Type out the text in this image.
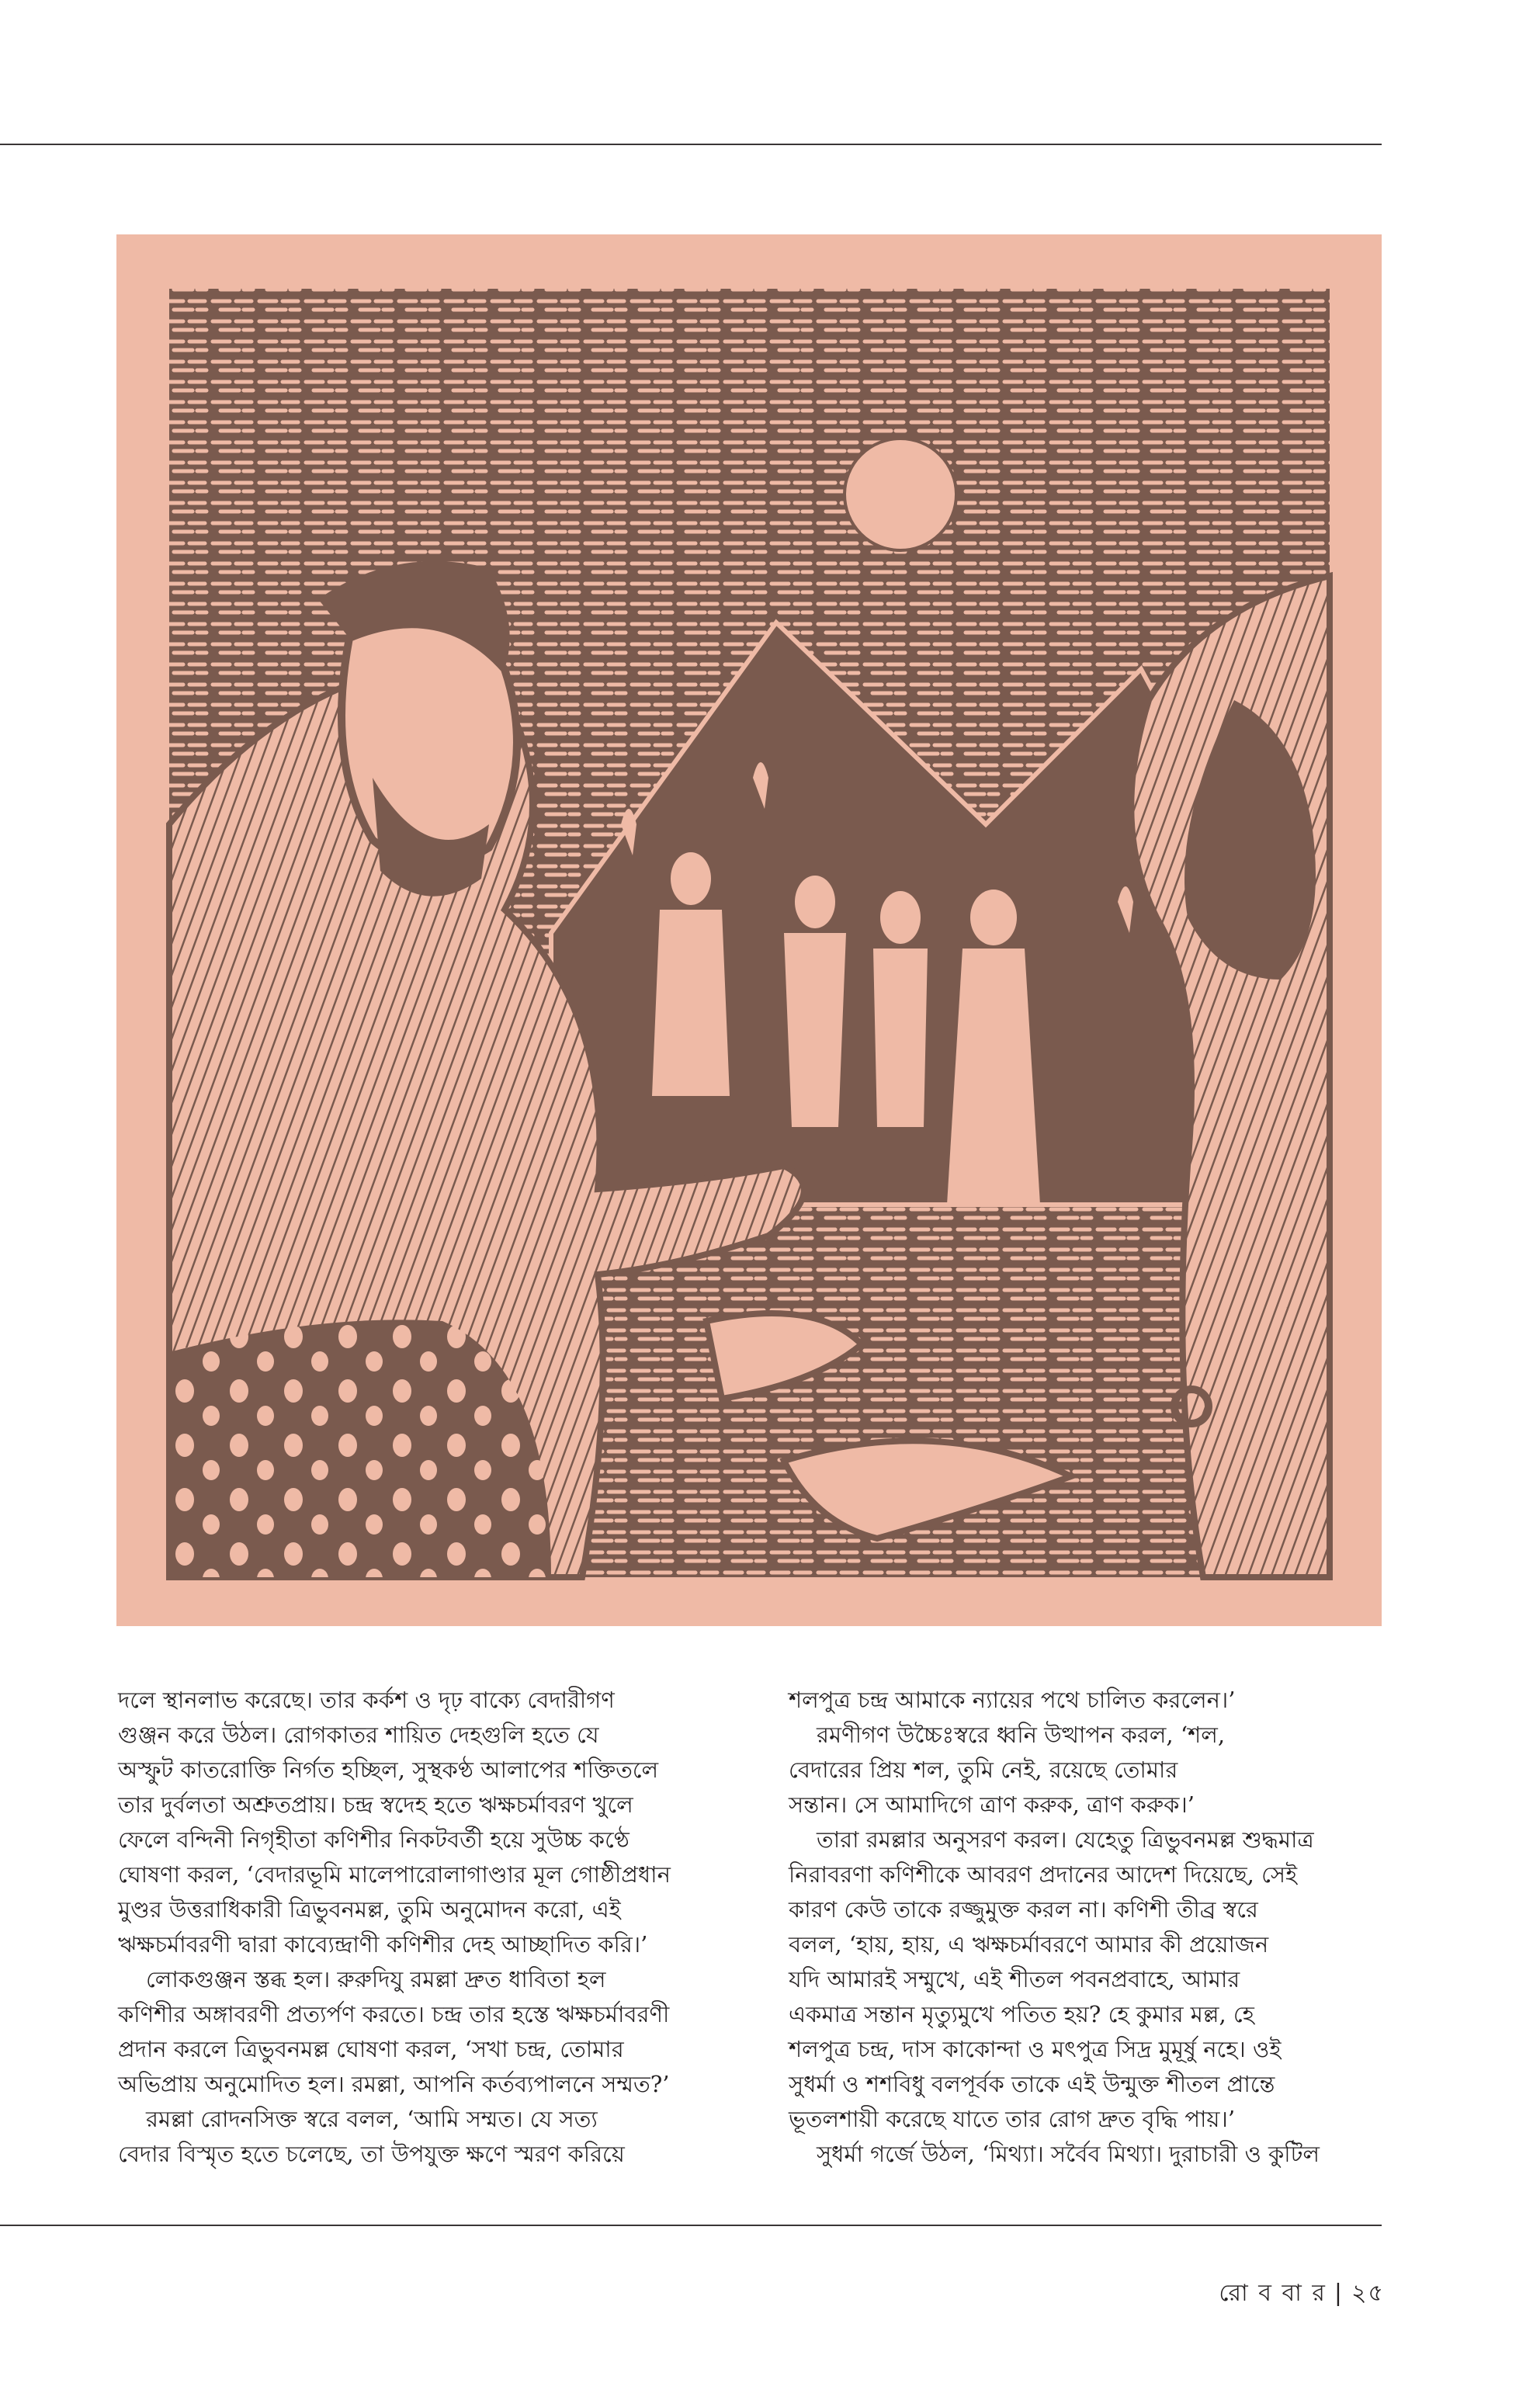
দলে স্থানলাভ করেছে। তার কর্কশ ও দৃঢ় বাক্যে বেদারীগণ
গুঞ্জন করে উঠল। রোগকাতর শায়িত দেহগুলি হতে যে
অস্ফুট কাতরোক্তি নির্গত হচ্ছিল, সুস্থকণ্ঠ আলাপের শক্তিতলে
তার দুর্বলতা অশ্রুতপ্রায়। চন্দ্র স্বদেহ হতে ঋক্ষচর্মাবরণ খুলে
ফেলে বন্দিনী নিগৃহীতা কণিশীর নিকটবর্তী হয়ে সুউচ্চ কণ্ঠে
ঘোষণা করল, ‘বেদারভূমি মালেপারোলাগাণ্ডার মূল গোষ্ঠীপ্রধান
মুণ্ডর উত্তরাধিকারী ত্রিভুবনমল্ল, তুমি অনুমোদন করো, এই
ঋক্ষচর্মাবরণী দ্বারা কাব্যেন্দ্রাণী কণিশীর দেহ আচ্ছাদিত করি।’
লোকগুঞ্জন স্তব্ধ হল। রুরুদিযু রমল্লা দ্রুত ধাবিতা হল
কণিশীর অঙ্গাবরণী প্রত্যর্পণ করতে। চন্দ্র তার হস্তে ঋক্ষচর্মাবরণী
প্রদান করলে ত্রিভুবনমল্ল ঘোষণা করল, ‘সখা চন্দ্র, তোমার
অভিপ্রায় অনুমোদিত হল। রমল্লা, আপনি কর্তব্যপালনে সম্মত?’
রমল্লা রোদনসিক্ত স্বরে বলল, ‘আমি সম্মত। যে সত্য
বেদার বিস্মৃত হতে চলেছে, তা উপযুক্ত ক্ষণে স্মরণ করিয়ে
শলপুত্র চন্দ্র আমাকে ন্যায়ের পথে চালিত করলেন।’
রমণীগণ উচ্চৈঃস্বরে ধ্বনি উত্থাপন করল, ‘শল,
বেদারের প্রিয় শল, তুমি নেই, রয়েছে তোমার
সন্তান। সে আমাদিগে ত্রাণ করুক, ত্রাণ করুক।’
তারা রমল্লার অনুসরণ করল। যেহেতু ত্রিভুবনমল্ল শুদ্ধমাত্র
নিরাবরণা কণিশীকে আবরণ প্রদানের আদেশ দিয়েছে, সেই
কারণ কেউ তাকে রজ্জুমুক্ত করল না। কণিশী তীব্র স্বরে
বলল, ‘হায়, হায়, এ ঋক্ষচর্মাবরণে আমার কী প্রয়োজন
যদি আমারই সম্মুখে, এই শীতল পবনপ্রবাহে, আমার
একমাত্র সন্তান মৃত্যুমুখে পতিত হয়? হে কুমার মল্ল, হে
শলপুত্র চন্দ্র, দাস কাকোন্দা ও মৎপুত্র সিদ্র মুমূর্ষু নহে। ওই
সুধর্মা ও শশবিধু বলপূর্বক তাকে এই উন্মুক্ত শীতল প্রান্তে
ভূতলশায়ী করেছে যাতে তার রোগ দ্রুত বৃদ্ধি পায়।’
সুধর্মা গর্জে উঠল, ‘মিথ্যা। সর্বৈব মিথ্যা। দুরাচারী ও কুটিল
রো ব বা র | ২৫
